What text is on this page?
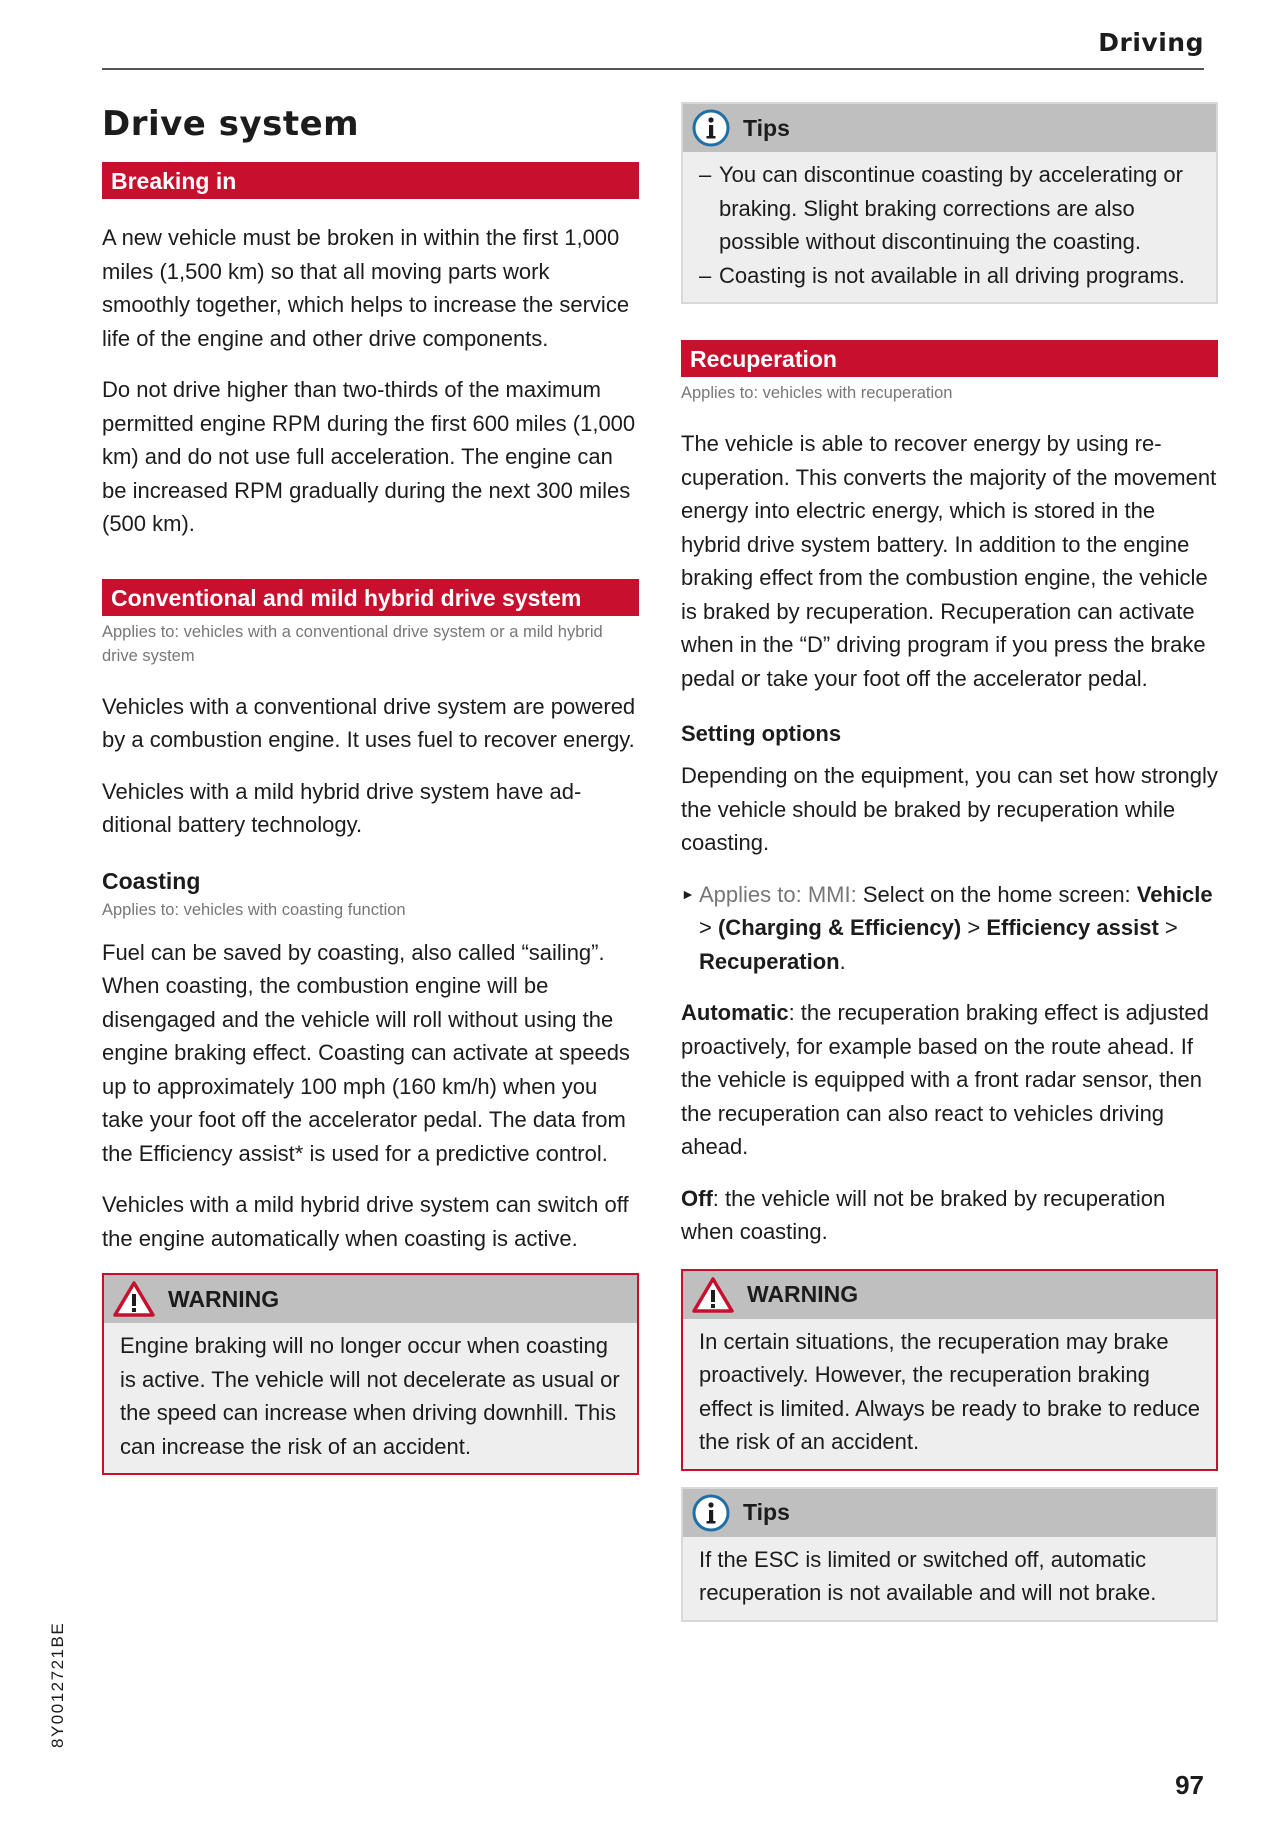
Driving
Drive system
Breaking in

A new vehicle must be broken in within the first 1,000 miles (1,500 km) so that all moving parts work smoothly together, which helps to increase the service life of the engine and other drive components.

Do not drive higher than two-thirds of the maximum permitted engine RPM during the first 600 miles (1,000 km) and do not use full acceleration. The engine can be increased RPM gradually during the next 300 miles (500 km).

Conventional and mild hybrid drive system

Applies to: vehicles with a conventional drive system or a mild hybrid drive system

Vehicles with a conventional drive system are powered by a combustion engine. It uses fuel to recover energy.

Vehicles with a mild hybrid drive system have additional battery technology.

Coasting

Applies to: vehicles with coasting function

Fuel can be saved by coasting, also called “sailing”. When coasting, the combustion engine will be disengaged and the vehicle will roll without using the engine braking effect. Coasting can activate at speeds up to approximately 100 mph (160 km/h) when you take your foot off the accelerator pedal. The data from the Efficiency assist* is used for a predictive control.

Vehicles with a mild hybrid drive system can switch off the engine automatically when coasting is active.

WARNING
Engine braking will no longer occur when coasting is active. The vehicle will not decelerate as usual or the speed can increase when driving downhill. This can increase the risk of an accident.
Tips
– You can discontinue coasting by accelerating or braking. Slight braking corrections are also possible without discontinuing the coasting.
– Coasting is not available in all driving programs.
Recuperation

Applies to: vehicles with recuperation

The vehicle is able to recover energy by using recuperation. This converts the majority of the movement energy into electric energy, which is stored in the hybrid drive system battery. In addition to the engine braking effect from the combustion engine, the vehicle is braked by recuperation. Recuperation can activate when in the “D” driving program if you press the brake pedal or take your foot off the accelerator pedal.

Setting options

Depending on the equipment, you can set how strongly the vehicle should be braked by recuperation while coasting.

► Applies to: MMI: Select on the home screen: Vehicle > (Charging & Efficiency) > Efficiency assist > Recuperation.

Automatic: the recuperation braking effect is adjusted proactively, for example based on the route ahead. If the vehicle is equipped with a front radar sensor, then the recuperation can also react to vehicles driving ahead.

Off: the vehicle will not be braked by recuperation when coasting.

WARNING
In certain situations, the recuperation may brake proactively. However, the recuperation braking effect is limited. Always be ready to brake to reduce the risk of an accident.
Tips
If the ESC is limited or switched off, automatic recuperation is not available and will not brake.
8Y0012721BE
97
